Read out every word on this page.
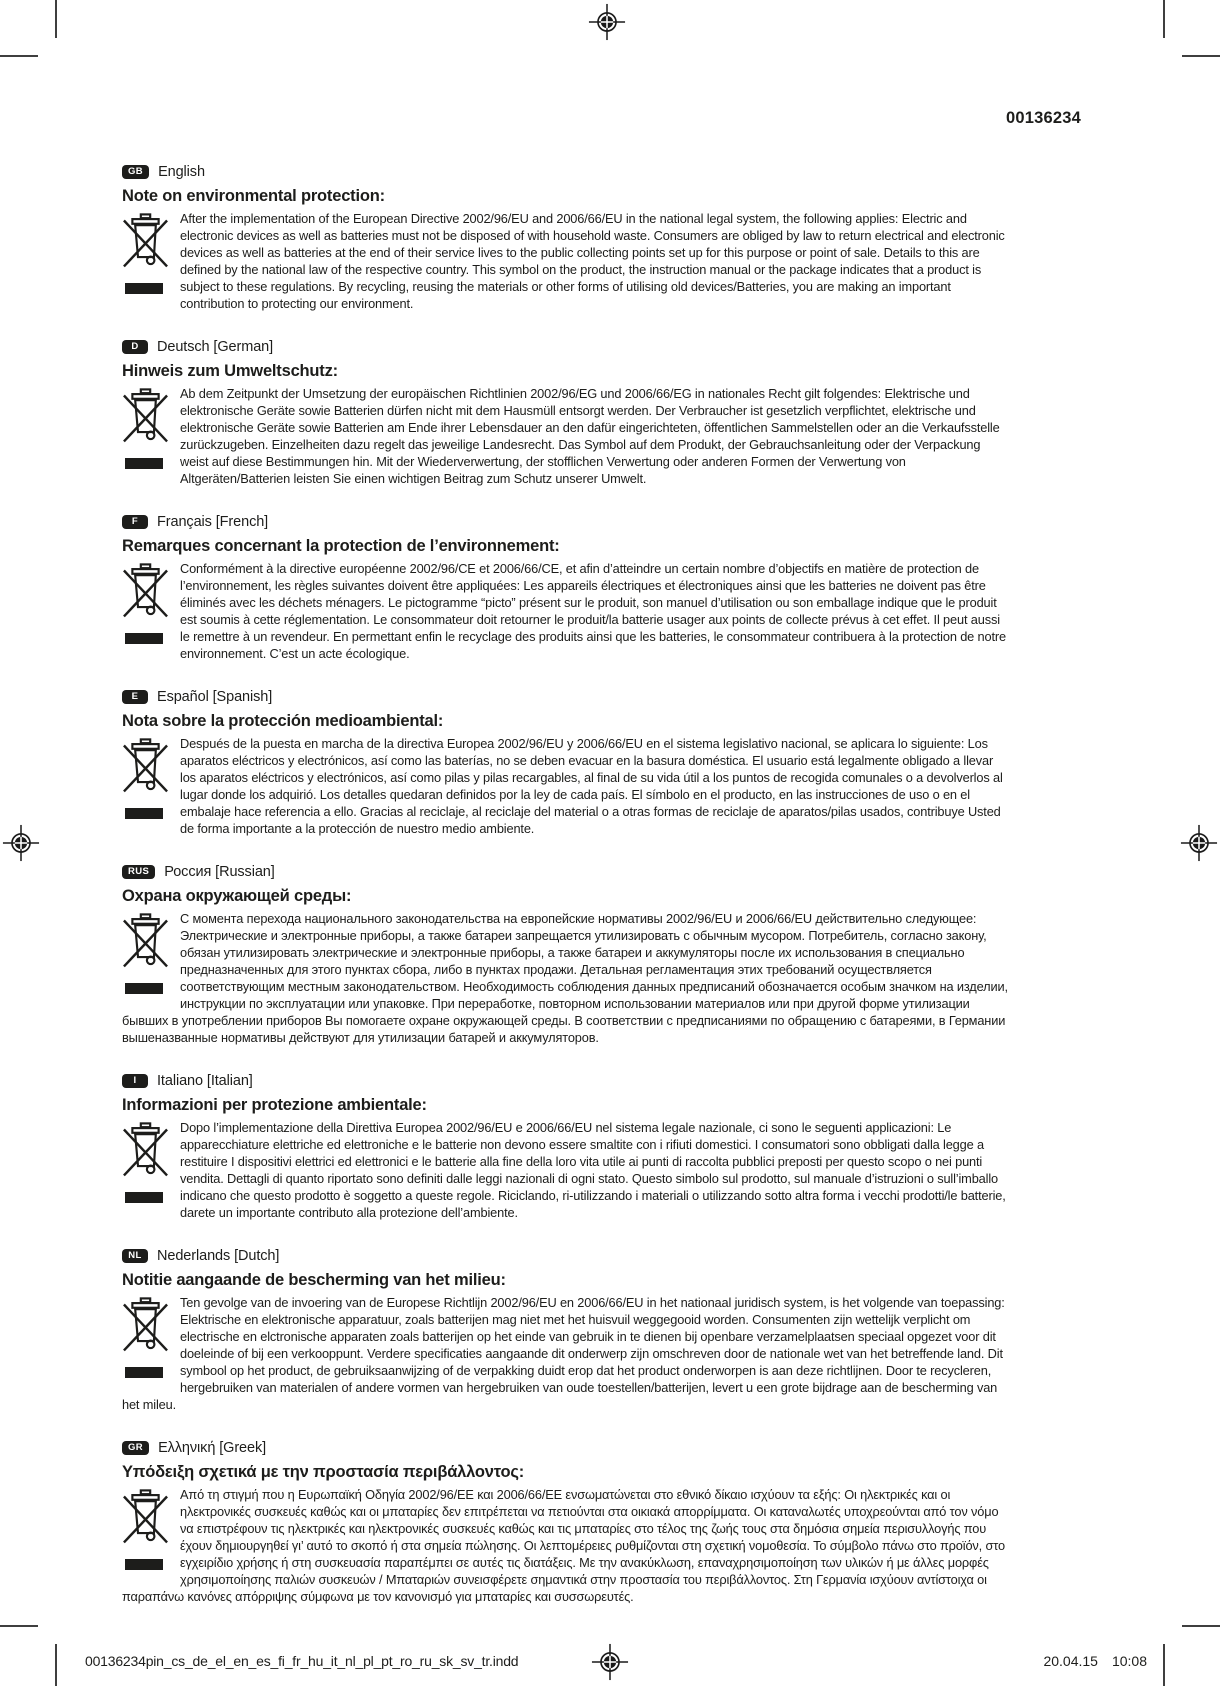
00136234
GB	English
Note on environmental protection:

After the implementation of the European Directive 2002/96/EU and 2006/66/EU in the national legal system, the following applies: Electric and electronic devices as well as batteries must not be disposed of with household waste. Consumers are obliged by law to return electrical and electronic devices as well as batteries at the end of their service lives to the public collecting points set up for this purpose or point of sale. Details to this are defined by the national law of the respective country. This symbol on the product, the instruction manual or the package indicates that a product is subject to these regulations. By recycling, reusing the materials or other forms of utilising old devices/Batteries, you are making an important contribution to protecting our environment.

D	Deutsch [German]
Hinweis zum Umweltschutz:

Ab dem Zeitpunkt der Umsetzung der europäischen Richtlinien 2002/96/EG und 2006/66/EG in nationales Recht gilt folgendes: Elektrische und elektronische Geräte sowie Batterien dürfen nicht mit dem Hausmüll entsorgt werden. Der Verbraucher ist gesetzlich verpflichtet, elektrische und elektronische Geräte sowie Batterien am Ende ihrer Lebensdauer an den dafür eingerichteten, öffentlichen Sammelstellen oder an die Verkaufsstelle zurückzugeben. Einzelheiten dazu regelt das jeweilige Landesrecht. Das Symbol auf dem Produkt, der Gebrauchsanleitung oder der Verpackung weist auf diese Bestimmungen hin. Mit der Wiederverwertung, der stofflichen Verwertung oder anderen Formen der Verwertung von Altgeräten/Batterien leisten Sie einen wichtigen Beitrag zum Schutz unserer Umwelt.

F	Français [French]
Remarques concernant la protection de l’environnement:

Conformément à la directive européenne 2002/96/CE et 2006/66/CE, et afin d’atteindre un certain nombre d’objectifs en matière de protection de l’environnement, les règles suivantes doivent être appliquées: Les appareils électriques et électroniques ainsi que les batteries ne doivent pas être éliminés avec les déchets ménagers. Le pictogramme “picto” présent sur le produit, son manuel d’utilisation ou son emballage indique que le produit est soumis à cette réglementation. Le consommateur doit retourner le produit/la batterie usager aux points de collecte prévus à cet effet. Il peut aussi le remettre à un revendeur. En permettant enfin le recyclage des produits ainsi que les batteries, le consommateur contribuera à la protection de notre environnement. C’est un acte écologique.

E	Español [Spanish]
Nota sobre la protección medioambiental:

Después de la puesta en marcha de la directiva Europea 2002/96/EU y 2006/66/EU en el sistema legislativo nacional, se aplicara lo siguiente: Los aparatos eléctricos y electrónicos, así como las baterías, no se deben evacuar en la basura doméstica. El usuario está legalmente obligado a llevar los aparatos eléctricos y electrónicos, así como pilas y pilas recargables, al final de su vida útil a los puntos de recogida comunales o a devolverlos al lugar donde los adquirió. Los detalles quedaran definidos por la ley de cada país. El símbolo en el producto, en las instrucciones de uso o en el embalaje hace referencia a ello. Gracias al reciclaje, al reciclaje del material o a otras formas de reciclaje de aparatos/pilas usados, contribuye Usted de forma importante a la protección de nuestro medio ambiente.

RUS	Россия [Russian]
Охрана окружающей среды:

С момента перехода национального законодательства на европейские нормативы 2002/96/EU и 2006/66/EU действительно следующее: Электрические и электронные приборы, а также батареи запрещается утилизировать с обычным мусором. Потребитель, согласно закону, обязан утилизировать электрические и электронные приборы, а также батареи и аккумуляторы после их использования в специально предназначенных для этого пунктах сбора, либо в пунктах продажи. Детальная регламентация этих требований осуществляется соответствующим местным законодательством. Необходимость соблюдения данных предписаний обозначается особым значком на изделии, инструкции по эксплуатации или упаковке. При переработке, повторном использовании материалов или при другой форме утилизации бывших в употреблении приборов Вы помогаете охране окружающей среды. В соответствии с предписаниями по обращению с батареями, в Германии вышеназванные нормативы действуют для утилизации батарей и аккумуляторов.

I	Italiano [Italian]
Informazioni per protezione ambientale:

Dopo l’implementazione della Direttiva Europea 2002/96/EU e 2006/66/EU nel sistema legale nazionale, ci sono le seguenti applicazioni: Le apparecchiature elettriche ed elettroniche e le batterie non devono essere smaltite con i rifiuti domestici. I consumatori sono obbligati dalla legge a restituire I dispositivi elettrici ed elettronici e le batterie alla fine della loro vita utile ai punti di raccolta pubblici preposti per questo scopo o nei punti vendita. Dettagli di quanto riportato sono definiti dalle leggi nazionali di ogni stato. Questo simbolo sul prodotto, sul manuale d’istruzioni o sull’imballo indicano che questo prodotto è soggetto a queste regole. Riciclando, ri-utilizzando i materiali o utilizzando sotto altra forma i vecchi prodotti/le batterie, darete un importante contributo alla protezione dell’ambiente.

NL	Nederlands [Dutch]
Notitie aangaande de bescherming van het milieu:

Ten gevolge van de invoering van de Europese Richtlijn 2002/96/EU en 2006/66/EU in het nationaal juridisch system, is het volgende van toepassing: Elektrische en elektronische apparatuur, zoals batterijen mag niet met het huisvuil weggegooid worden. Consumenten zijn wettelijk verplicht om electrische en elctronische apparaten zoals batterijen op het einde van gebruik in te dienen bij openbare verzamelplaatsen speciaal opgezet voor dit doeleinde of bij een verkooppunt. Verdere specificaties aangaande dit onderwerp zijn omschreven door de nationale wet van het betreffende land. Dit symbool op het product, de gebruiksaanwijzing of de verpakking duidt erop dat het product onderworpen is aan deze richtlijnen. Door te recycleren, hergebruiken van materialen of andere vormen van hergebruiken van oude toestellen/batterijen, levert u een grote bijdrage aan de bescherming van het mileu.

GR	Ελληνική [Greek]
Υπόδειξη σχετικά με την προστασία περιβάλλοντος:

Από τη στιγμή που η Ευρωπαϊκή Οδηγία 2002/96/ΕΕ και 2006/66/ΕΕ ενσωματώνεται στο εθνικό δίκαιο ισχύουν τα εξής: Οι ηλεκτρικές και οι ηλεκτρονικές συσκευές καθώς και οι μπαταρίες δεν επιτρέπεται να πετιούνται στα οικιακά απορρίμματα. Οι καταναλωτές υποχρεούνται από τον νόμο να επιστρέφουν τις ηλεκτρικές και ηλεκτρονικές συσκευές καθώς και τις μπαταρίες στο τέλος της ζωής τους στα δημόσια σημεία περισυλλογής που έχουν δημιουργηθεί γι’ αυτό το σκοπό ή στα σημεία πώλησης. Οι λεπτομέρειες ρυθμίζονται στη σχετική νομοθεσία. Το σύμβολο πάνω στο προϊόν, στο εγχειρίδιο χρήσης ή στη συσκευασία παραπέμπει σε αυτές τις διατάξεις. Με την ανακύκλωση, επαναχρησιμοποίηση των υλικών ή με άλλες μορφές χρησιμοποίησης παλιών συσκευών / Μπαταριών συνεισφέρετε σημαντικά στην προστασία του περιβάλλοντος. Στη Γερμανία ισχύουν αντίστοιχα οι παραπάνω κανόνες απόρριψης σύμφωνα με τον κανονισμό για μπαταρίες και συσσωρευτές.

00136234pin_cs_de_el_en_es_fi_fr_hu_it_nl_pl_pt_ro_ru_sk_sv_tr.indd	20.04.15 10:08
